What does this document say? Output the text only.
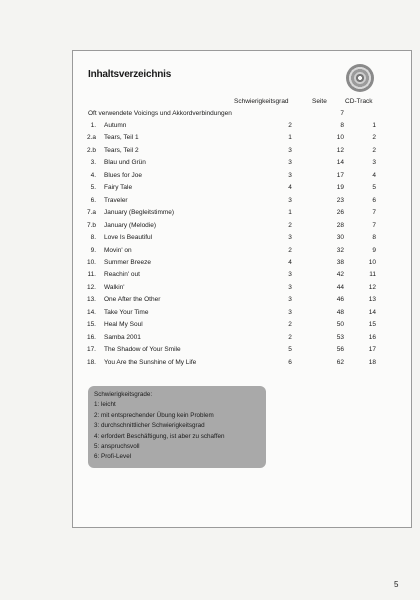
Inhaltsverzeichnis
Schwierigkeitsgrad	Seite	CD-Track
Oft verwendete Voicings und Akkordverbindungen	7
1. Autumn	2	8	1
2.a Tears, Teil 1	1	10	2
2.b Tears, Teil 2	3	12	2
3. Blau und Grün	3	14	3
4. Blues for Joe	3	17	4
5. Fairy Tale	4	19	5
6. Traveler	3	23	6
7.a January (Begleitstimme)	1	26	7
7.b January (Melodie)	2	28	7
8. Love Is Beautiful	3	30	8
9. Movin' on	2	32	9
10. Summer Breeze	4	38	10
11. Reachin' out	3	42	11
12. Walkin'	3	44	12
13. One After the Other	3	46	13
14. Take Your Time	3	48	14
15. Heal My Soul	2	50	15
16. Samba 2001	2	53	16
17. The Shadow of Your Smile	5	56	17
18. You Are the Sunshine of My Life	6	62	18
Schwierigkeitsgrade:
1: leicht
2: mit entsprechender Übung kein Problem
3: durchschnittlicher Schwierigkeitsgrad
4: erfordert Beschäftigung, ist aber zu schaffen
5: anspruchsvoll
6: Profi-Level
5
